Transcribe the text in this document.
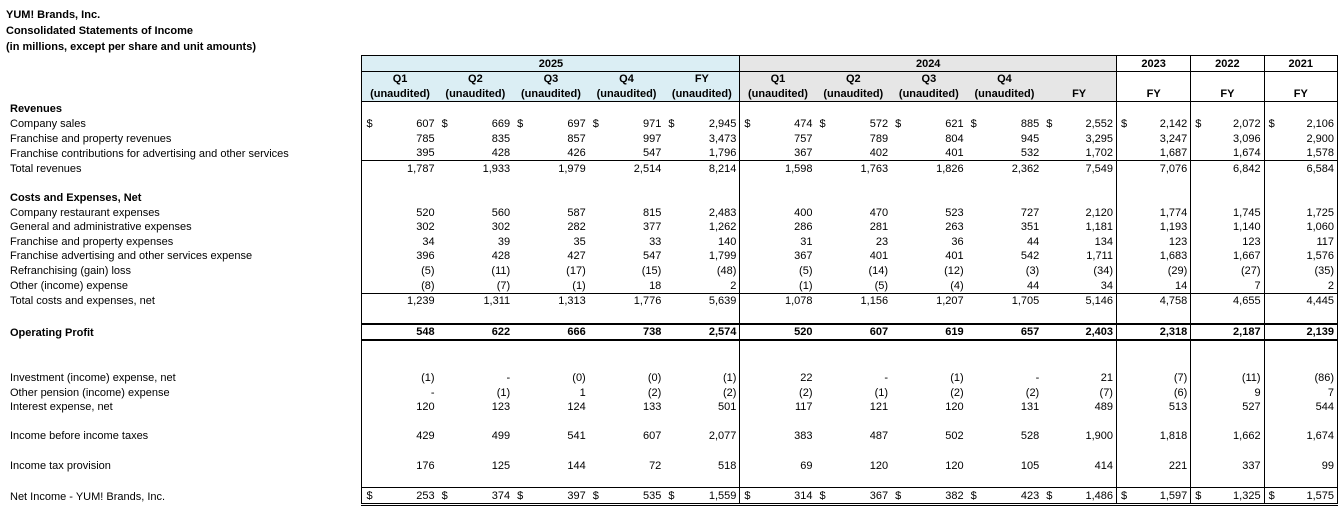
YUM! Brands, Inc.
Consolidated Statements of Income
(in millions, except per share and unit amounts)
	2025					2024					2023	2022	2021
	Q1	Q2	Q3	Q4	FY	Q1	Q2	Q3	Q4				
	(unaudited)	(unaudited)	(unaudited)	(unaudited)	(unaudited)	(unaudited)	(unaudited)	(unaudited)	(unaudited)	FY	FY	FY	FY
Revenues													
Company sales	$ 607	$ 669	$ 697	$ 971	$ 2,945	$ 474	$ 572	$ 621	$ 885	$ 2,552	$ 2,142	$ 2,072	$ 2,106
Franchise and property revenues	785	835	857	997	3,473	757	789	804	945	3,295	3,247	3,096	2,900
Franchise contributions for advertising and other services	395	428	426	547	1,796	367	402	401	532	1,702	1,687	1,674	1,578
Total revenues	1,787	1,933	1,979	2,514	8,214	1,598	1,763	1,826	2,362	7,549	7,076	6,842	6,584

Costs and Expenses, Net													
Company restaurant expenses	520	560	587	815	2,483	400	470	523	727	2,120	1,774	1,745	1,725
General and administrative expenses	302	302	282	377	1,262	286	281	263	351	1,181	1,193	1,140	1,060
Franchise and property expenses	34	39	35	33	140	31	23	36	44	134	123	123	117
Franchise advertising and other services expense	396	428	427	547	1,799	367	401	401	542	1,711	1,683	1,667	1,576
Refranchising (gain) loss	(5)	(11)	(17)	(15)	(48)	(5)	(14)	(12)	(3)	(34)	(29)	(27)	(35)
Other (income) expense	(8)	(7)	(1)	18	2	(1)	(5)	(4)	44	34	14	7	2
Total costs and expenses, net	1,239	1,311	1,313	1,776	5,639	1,078	1,156	1,207	1,705	5,146	4,758	4,655	4,445

Operating Profit	548	622	666	738	2,574	520	607	619	657	2,403	2,318	2,187	2,139

Investment (income) expense, net	(1)	-	(0)	(0)	(1)	22	-	(1)	-	21	(7)	(11)	(86)
Other pension (income) expense	-	(1)	1	(2)	(2)	(2)	(1)	(2)	(2)	(7)	(6)	9	7
Interest expense, net	120	123	124	133	501	117	121	120	131	489	513	527	544

Income before income taxes	429	499	541	607	2,077	383	487	502	528	1,900	1,818	1,662	1,674

Income tax provision	176	125	144	72	518	69	120	120	105	414	221	337	99

Net Income - YUM! Brands, Inc.	$ 253	$ 374	$ 397	$ 535	$ 1,559	$ 314	$ 367	$ 382	$ 423	$ 1,486	$ 1,597	$ 1,325	$ 1,575
